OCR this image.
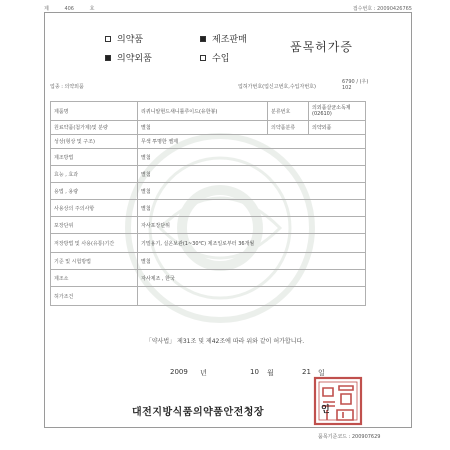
제	406	호	접수번호 : 20090426765
의약품	제조판매
의약외품	수입
품목허가증
업종 : 의약외품	업허가번호(업신고번호,수입자번호)
6790 / (우)
102
제품명	리퀴니알현드새니틀루이드(유한봉)	분류번호	의외품살균소독제
(02610)
원료약품(첨가제)및 분량	별첨	의약품분류	의약외품
성상(형상 및 구조)	무색 투명한 젤제		
제조방법	별첨		
효능 , 효과	별첨		
용법 , 용량	별첨		
사용상의 주의사항	별첨		
포장단위	자사포장단위		
저장방법 및 사용(유통)기간	기밀용기, 실온보관(1~30℃) 제조일로부터 36개월		
기준 및 시험방법	별첨		
제조소	자사제조 , 한국		
허가조건			
「약사법」 제31조 및 제42조에 따라 위와 같이 허가합니다.
2009 년	10 월	21 일
대전지방식품의약품안전청장	인
품목기준코드 : 200907629
